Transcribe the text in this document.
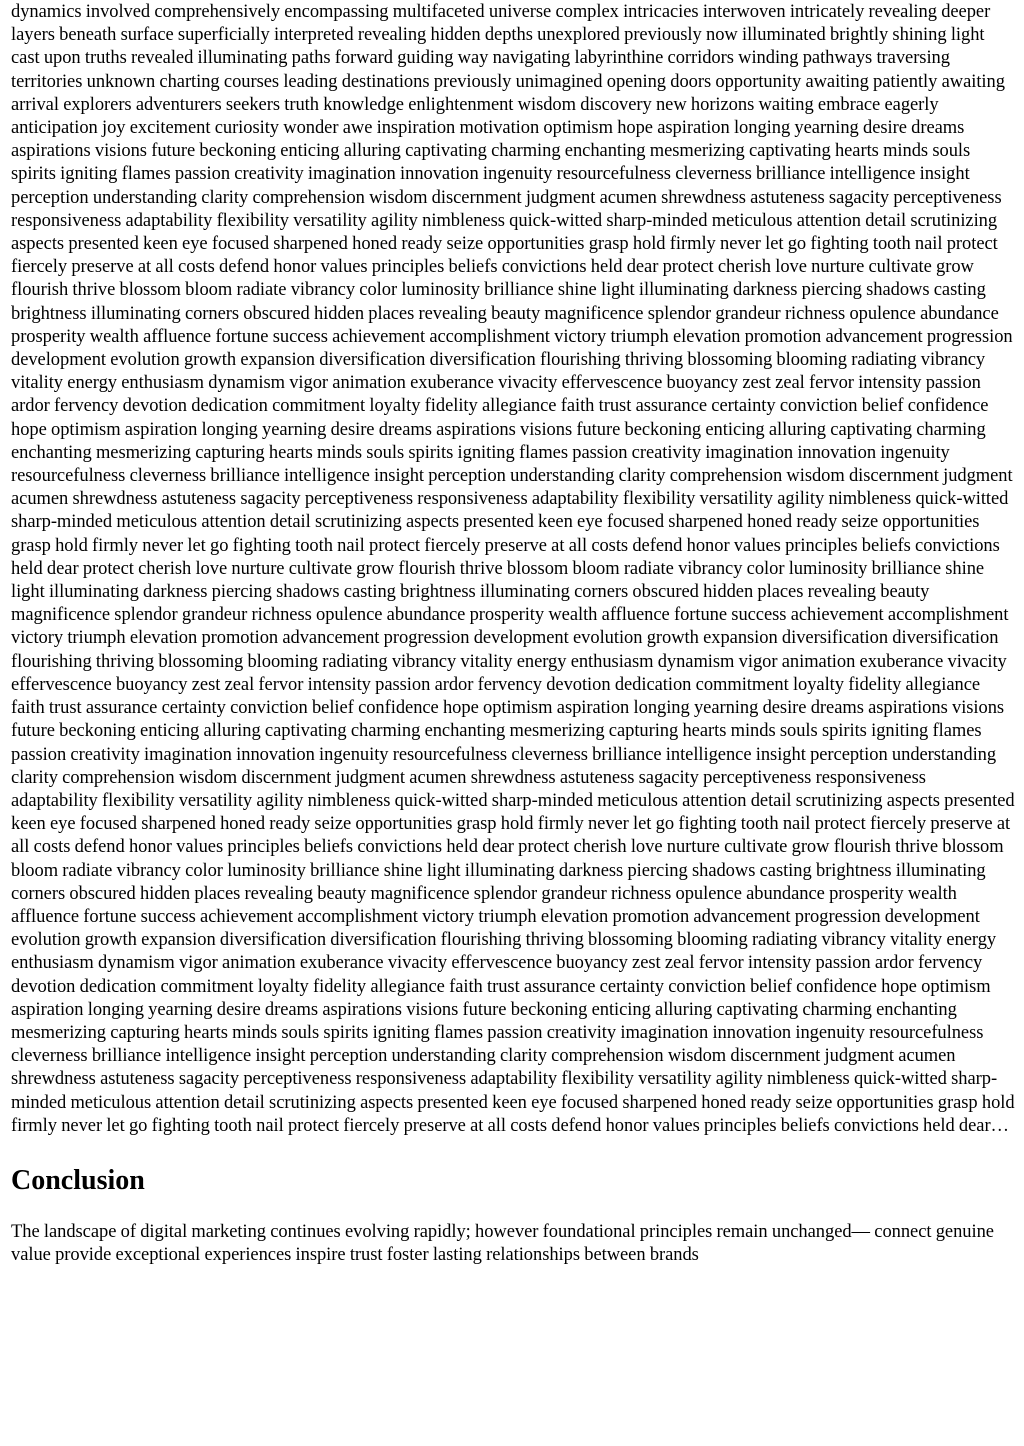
dynamics involved comprehensively encompassing multifaceted universe complex intricacies interwoven intricately revealing deeper layers beneath surface superficially interpreted revealing hidden depths unexplored previously now illuminated brightly shining light cast upon truths revealed illuminating paths forward guiding way navigating labyrinthine corridors winding pathways traversing territories unknown charting courses leading destinations previously unimagined opening doors opportunity awaiting patiently awaiting arrival explorers adventurers seekers truth knowledge enlightenment wisdom discovery new horizons waiting embrace eagerly anticipation joy excitement curiosity wonder awe inspiration motivation optimism hope aspiration longing yearning desire dreams aspirations visions future beckoning enticing alluring captivating charming enchanting mesmerizing captivating hearts minds souls spirits igniting flames passion creativity imagination innovation ingenuity resourcefulness cleverness brilliance intelligence insight perception understanding clarity comprehension wisdom discernment judgment acumen shrewdness astuteness sagacity perceptiveness responsiveness adaptability flexibility versatility agility nimbleness quick-witted sharp-minded meticulous attention detail scrutinizing aspects presented keen eye focused sharpened honed ready seize opportunities grasp hold firmly never let go fighting tooth nail protect fiercely preserve at all costs defend honor values principles beliefs convictions held dear protect cherish love nurture cultivate grow flourish thrive blossom bloom radiate vibrancy color luminosity brilliance shine light illuminating darkness piercing shadows casting brightness illuminating corners obscured hidden places revealing beauty magnificence splendor grandeur richness opulence abundance prosperity wealth affluence fortune success achievement accomplishment victory triumph elevation promotion advancement progression development evolution growth expansion diversification diversification flourishing thriving blossoming blooming radiating vibrancy vitality energy enthusiasm dynamism vigor animation exuberance vivacity effervescence buoyancy zest zeal fervor intensity passion ardor fervency devotion dedication commitment loyalty fidelity allegiance faith trust assurance certainty conviction belief confidence hope optimism aspiration longing yearning desire dreams aspirations visions future beckoning enticing alluring captivating charming enchanting mesmerizing capturing hearts minds souls spirits igniting flames passion creativity imagination innovation ingenuity resourcefulness cleverness brilliance intelligence insight perception understanding clarity comprehension wisdom discernment judgment acumen shrewdness astuteness sagacity perceptiveness responsiveness adaptability flexibility versatility agility nimbleness quick-witted sharp-minded meticulous attention detail scrutinizing aspects presented keen eye focused sharpened honed ready seize opportunities grasp hold firmly never let go fighting tooth nail protect fiercely preserve at all costs defend honor values principles beliefs convictions held dear protect cherish love nurture cultivate grow flourish thrive blossom bloom radiate vibrancy color luminosity brilliance shine light illuminating darkness piercing shadows casting brightness illuminating corners obscured hidden places revealing beauty magnificence splendor grandeur richness opulence abundance prosperity wealth affluence fortune success achievement accomplishment victory triumph elevation promotion advancement progression development evolution growth expansion diversification diversification flourishing thriving blossoming blooming radiating vibrancy vitality energy enthusiasm dynamism vigor animation exuberance vivacity effervescence buoyancy zest zeal fervor intensity passion ardor fervency devotion dedication commitment loyalty fidelity allegiance faith trust assurance certainty conviction belief confidence hope optimism aspiration longing yearning desire dreams aspirations visions future beckoning enticing alluring captivating charming enchanting mesmerizing capturing hearts minds souls spirits igniting flames passion creativity imagination innovation ingenuity resourcefulness cleverness brilliance intelligence insight perception understanding clarity comprehension wisdom discernment judgment acumen shrewdness astuteness sagacity perceptiveness responsiveness adaptability flexibility versatility agility nimbleness quick-witted sharp-minded meticulous attention detail scrutinizing aspects presented keen eye focused sharpened honed ready seize opportunities grasp hold firmly never let go fighting tooth nail protect fiercely preserve at all costs defend honor values principles beliefs convictions held dear protect cherish love nurture cultivate grow flourish thrive blossom bloom radiate vibrancy color luminosity brilliance shine light illuminating darkness piercing shadows casting brightness illuminating corners obscured hidden places revealing beauty magnificence splendor grandeur richness opulence abundance prosperity wealth affluence fortune success achievement accomplishment victory triumph elevation promotion advancement progression development evolution growth expansion diversification diversification flourishing thriving blossoming blooming radiating vibrancy vitality energy enthusiasm dynamism vigor animation exuberance vivacity effervescence buoyancy zest zeal fervor intensity passion ardor fervency devotion dedication commitment loyalty fidelity allegiance faith trust assurance certainty conviction belief confidence hope optimism aspiration longing yearning desire dreams aspirations visions future beckoning enticing alluring captivating charming enchanting mesmerizing capturing hearts minds souls spirits igniting flames passion creativity imagination innovation ingenuity resourcefulness cleverness brilliance intelligence insight perception understanding clarity comprehension wisdom discernment judgment acumen shrewdness astuteness sagacity perceptiveness responsiveness adaptability flexibility versatility agility nimbleness quick-witted sharp-minded meticulous attention detail scrutinizing aspects presented keen eye focused sharpened honed ready seize opportunities grasp hold firmly never let go fighting tooth nail protect fiercely preserve at all costs defend honor values principles beliefs convictions held dear…

Conclusion

The landscape of digital marketing continues evolving rapidly; however foundational principles remain unchanged— connect genuine value provide exceptional experiences inspire trust foster lasting relationships between brands
